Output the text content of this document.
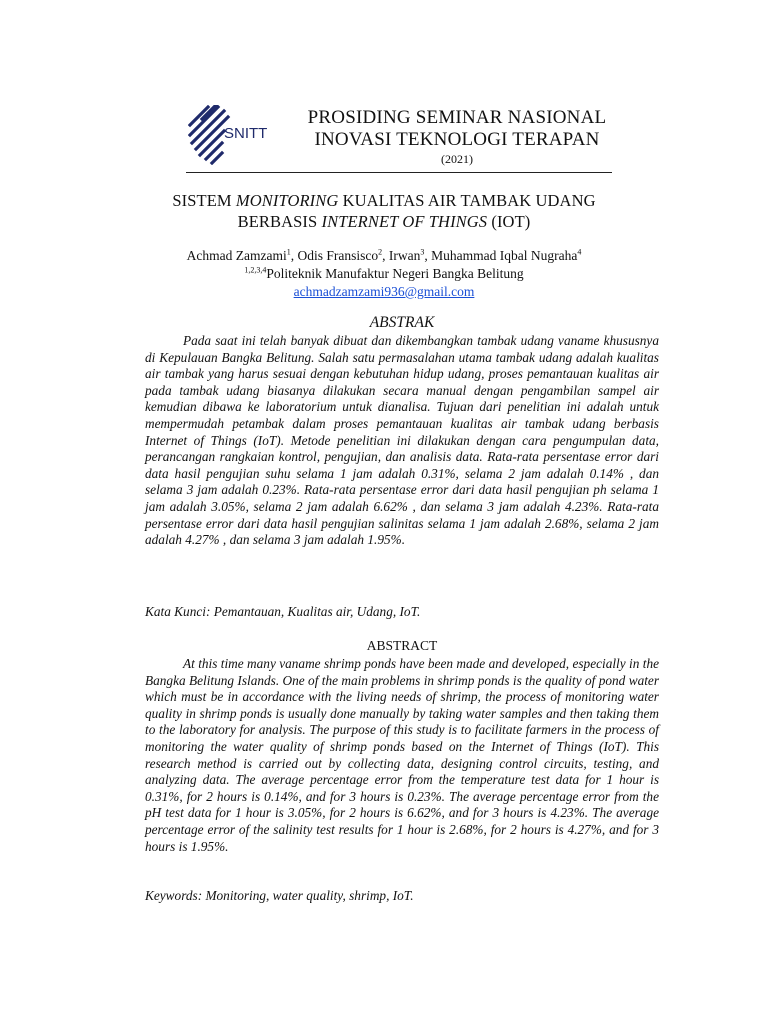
SNITT
PROSIDING SEMINAR NASIONAL
INOVASI TEKNOLOGI TERAPAN
(2021)
SISTEM MONITORING KUALITAS AIR TAMBAK UDANG
BERBASIS INTERNET OF THINGS (IOT)
Achmad Zamzami$^1$, Odis Fransisco$^2$, Irwan$^3$, Muhammad Iqbal Nugraha$^4$
$^{1,2,3,4}$Politeknik Manufaktur Negeri Bangka Belitung
achmadzamzami936@gmail.com
ABSTRAK

Pada saat ini telah banyak dibuat dan dikembangkan tambak udang vaname khususnya di Kepulauan Bangka Belitung. Salah satu permasalahan utama tambak udang adalah kualitas air tambak yang harus sesuai dengan kebutuhan hidup udang, proses pemantauan kualitas air pada tambak udang biasanya dilakukan secara manual dengan pengambilan sampel air kemudian dibawa ke laboratorium untuk dianalisa. Tujuan dari penelitian ini adalah untuk mempermudah petambak dalam proses pemantauan kualitas air tambak udang berbasis Internet of Things (IoT). Metode penelitian ini dilakukan dengan cara pengumpulan data, perancangan rangkaian kontrol, pengujian, dan analisis data. Rata-rata persentase error dari data hasil pengujian suhu selama 1 jam adalah 0.31%, selama 2 jam adalah 0.14% , dan selama 3 jam adalah 0.23%. Rata-rata persentase error dari data hasil pengujian ph selama 1 jam adalah 3.05%, selama 2 jam adalah 6.62% , dan selama 3 jam adalah 4.23%. Rata-rata persentase error dari data hasil pengujian salinitas selama 1 jam adalah 2.68%, selama 2 jam adalah 4.27% , dan selama 3 jam adalah 1.95%.

Kata Kunci: Pemantauan, Kualitas air, Udang, IoT.
ABSTRACT

At this time many vaname shrimp ponds have been made and developed, especially in the Bangka Belitung Islands. One of the main problems in shrimp ponds is the quality of pond water which must be in accordance with the living needs of shrimp, the process of monitoring water quality in shrimp ponds is usually done manually by taking water samples and then taking them to the laboratory for analysis. The purpose of this study is to facilitate farmers in the process of monitoring the water quality of shrimp ponds based on the Internet of Things (IoT). This research method is carried out by collecting data, designing control circuits, testing, and analyzing data. The average percentage error from the temperature test data for 1 hour is 0.31%, for 2 hours is 0.14%, and for 3 hours is 0.23%. The average percentage error from the pH test data for 1 hour is 3.05%, for 2 hours is 6.62%, and for 3 hours is 4.23%. The average percentage error of the salinity test results for 1 hour is 2.68%, for 2 hours is 4.27%, and for 3 hours is 1.95%.

Keywords: Monitoring, water quality, shrimp, IoT.
